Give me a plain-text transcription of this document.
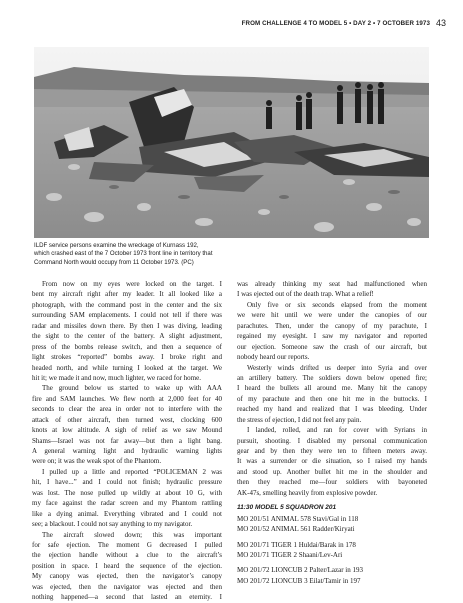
FROM CHALLENGE 4 TO MODEL 5 • DAY 2 • 7 OCTOBER 1973 43
ILDF service persons examine the wreckage of Kurnass 192,
which crashed east of the 7 October 1973 front line in territory that
Command North would occupy from 11 October 1973. (PC)
From now on my eyes were locked on the target. I
bent my aircraft right after my leader. It all looked like a
photograph, with the command post in the center and the six
surrounding SAM emplacements. I could not tell if there was
radar and missiles down there. By then I was diving, leading
the sight to the center of the battery. A slight adjustment,
press of the bombs release switch, and then a sequence of
light strokes “reported” bombs away. I broke right and
headed north, and while turning I looked at the target. We
hit it; we made it and now, much lighter, we raced for home.
The ground below us started to wake up with AAA
fire and SAM launches. We flew north at 2,000 feet for 40
seconds to clear the area in order not to interfere with the
attack of other aircraft, then turned west, clocking 600
knots at low altitude. A sigh of relief as we saw Mound
Shams—Israel was not far away—but then a light bang.
A general warning light and hydraulic warning lights
were on; it was the weak spot of the Phantom.
I pulled up a little and reported “POLICEMAN 2 was
hit, I have...” and I could not finish; hydraulic pressure
was lost. The nose pulled up wildly at about 10 G, with
my face against the radar screen and my Phantom rattling
like a dying animal. Everything vibrated and I could not
see; a blackout. I could not say anything to my navigator.
The aircraft slowed down; this was important
for safe ejection. The moment G decreased I pulled
the ejection handle without a clue to the aircraft’s
position in space. I heard the sequence of the ejection.
My canopy was ejected, then the navigator’s canopy
was ejected, then the navigator was ejected and then
nothing happened—a second that lasted an eternity. I
was already thinking my seat had malfunctioned when
I was ejected out of the death trap. What a relief!
Only five or six seconds elapsed from the moment
we were hit until we were under the canopies of our
parachutes. Then, under the canopy of my parachute, I
regained my eyesight. I saw my navigator and reported
our ejection. Someone saw the crash of our aircraft, but
nobody heard our reports.
Westerly winds drifted us deeper into Syria and over
an artillery battery. The soldiers down below opened fire;
I heard the bullets all around me. Many hit the canopy
of my parachute and then one hit me in the buttocks. I
reached my hand and realized that I was bleeding. Under
the stress of ejection, I did not feel any pain.
I landed, rolled, and ran for cover with Syrians in
pursuit, shooting. I disabled my personal communication
gear and by then they were ten to fifteen meters away.
It was a surrender or die situation, so I raised my hands
and stood up. Another bullet hit me in the shoulder and
then they reached me—four soldiers with bayoneted
AK-47s, smelling heavily from explosive powder.
11:30 MODEL 5 SQUADRON 201
MO 201/51 ANIMAL 578 Stavi/Gal in 118
MO 201/52 ANIMAL 561 Radder/Kiryati
MO 201/71 TIGER 1 Huldai/Barak in 178
MO 201/71 TIGER 2 Shaani/Lev-Ari
MO 201/72 LIONCUB 2 Palter/Lazar in 193
MO 201/72 LIONCUB 3 Eilat/Tamir in 197
